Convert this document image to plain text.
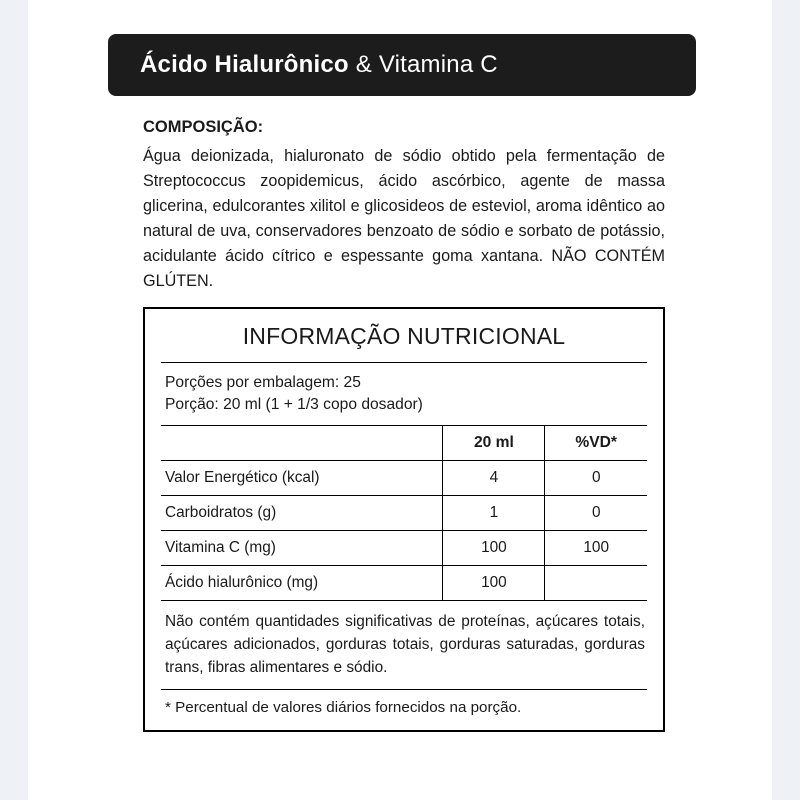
Ácido Hialurônico & Vitamina C
COMPOSIÇÃO:
Água deionizada, hialuronato de sódio obtido pela fermentação de Streptococcus zoopidemicus, ácido ascórbico, agente de massa glicerina, edulcorantes xilitol e glicosideos de esteviol, aroma idêntico ao natural de uva, conservadores benzoato de sódio e sorbato de potássio, acidulante ácido cítrico e espessante goma xantana. NÃO CONTÉM GLÚTEN.
INFORMAÇÃO NUTRICIONAL
Porções por embalagem: 25
Porção: 20 ml (1 + 1/3 copo dosador)
	20 ml	%VD*
Valor Energético (kcal)	4	0
Carboidratos (g)	1	0
Vitamina C (mg)	100	100
Ácido hialurônico (mg)	100	
Não contém quantidades significativas de proteínas, açúcares totais, açúcares adicionados, gorduras totais, gorduras saturadas, gorduras trans, fibras alimentares e sódio.
* Percentual de valores diários fornecidos na porção.
